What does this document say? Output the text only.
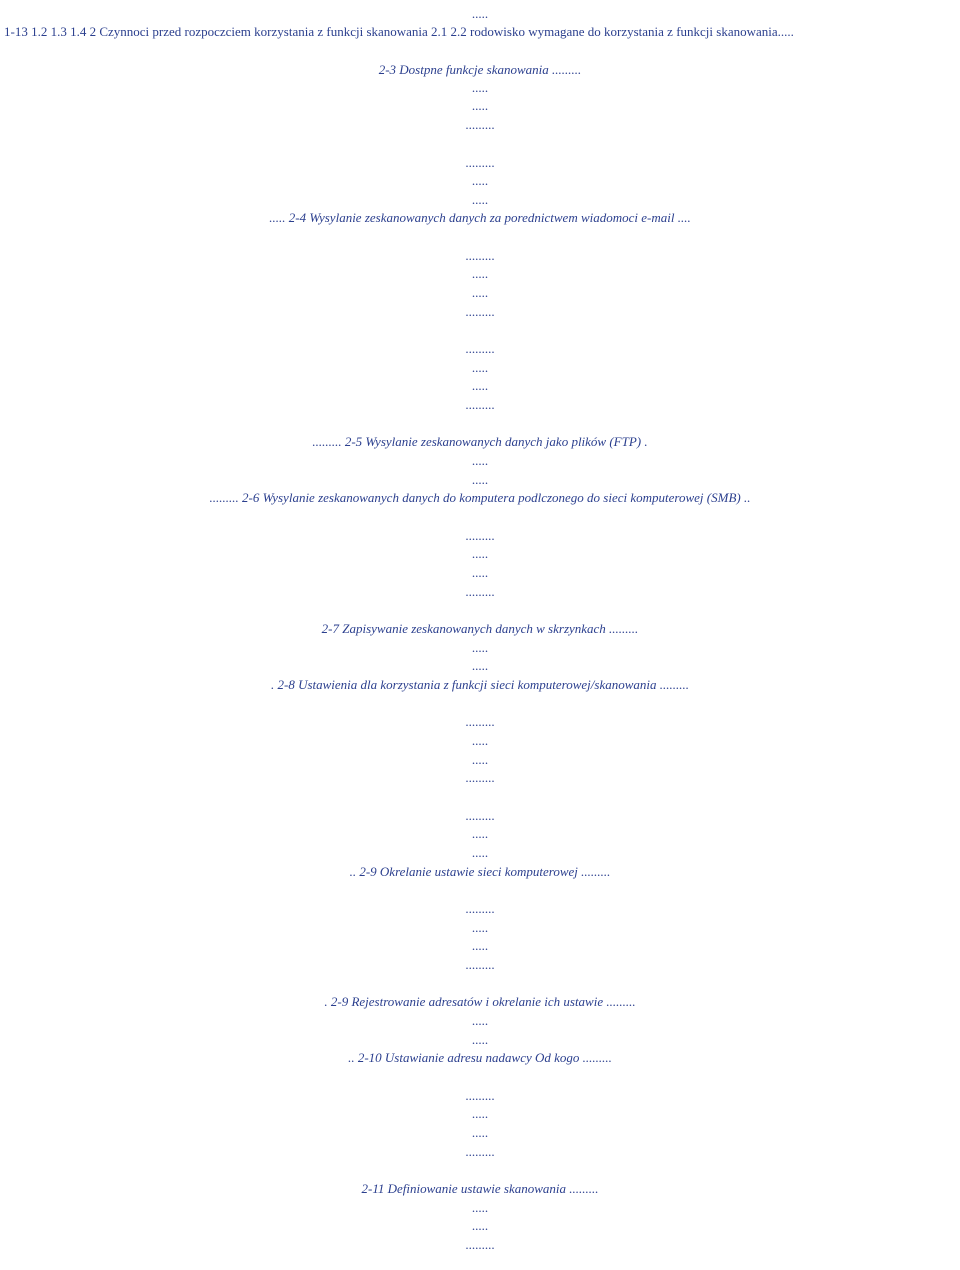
.....
1-13 1.2 1.3 1.4 2 Czynnoci przed rozpoczciem korzystania z funkcji skanowania 2.1 2.2 rodowisko wymagane do korzystania z funkcji skanowania.....
2-3 Dostpne funkcje skanowania .........
.....
.....
.........
.........
.....
.....
..... 2-4 Wysylanie zeskanowanych danych za porednictwem wiadomoci e-mail ....
.........
.....
.....
.........
.........
.....
.....
.........
......... 2-5 Wysylanie zeskanowanych danych jako plików (FTP) .
.....
.....
......... 2-6 Wysylanie zeskanowanych danych do komputera podlczonego do sieci komputerowej (SMB) ..
.........
.....
.....
.........
2-7 Zapisywanie zeskanowanych danych w skrzynkach .........
.....
.....
. 2-8 Ustawienia dla korzystania z funkcji sieci komputerowej/skanowania .........
.........
.....
.....
.........
.........
.....
.....
.. 2-9 Okrelanie ustawie sieci komputerowej .........
.........
.....
.....
.........
. 2-9 Rejestrowanie adresatów i okrelanie ich ustawie .........
.....
.....
.. 2-10 Ustawianie adresu nadawcy Od kogo .........
.........
.....
.....
.........
2-11 Definiowanie ustawie skanowania .........
.....
.....
.........
